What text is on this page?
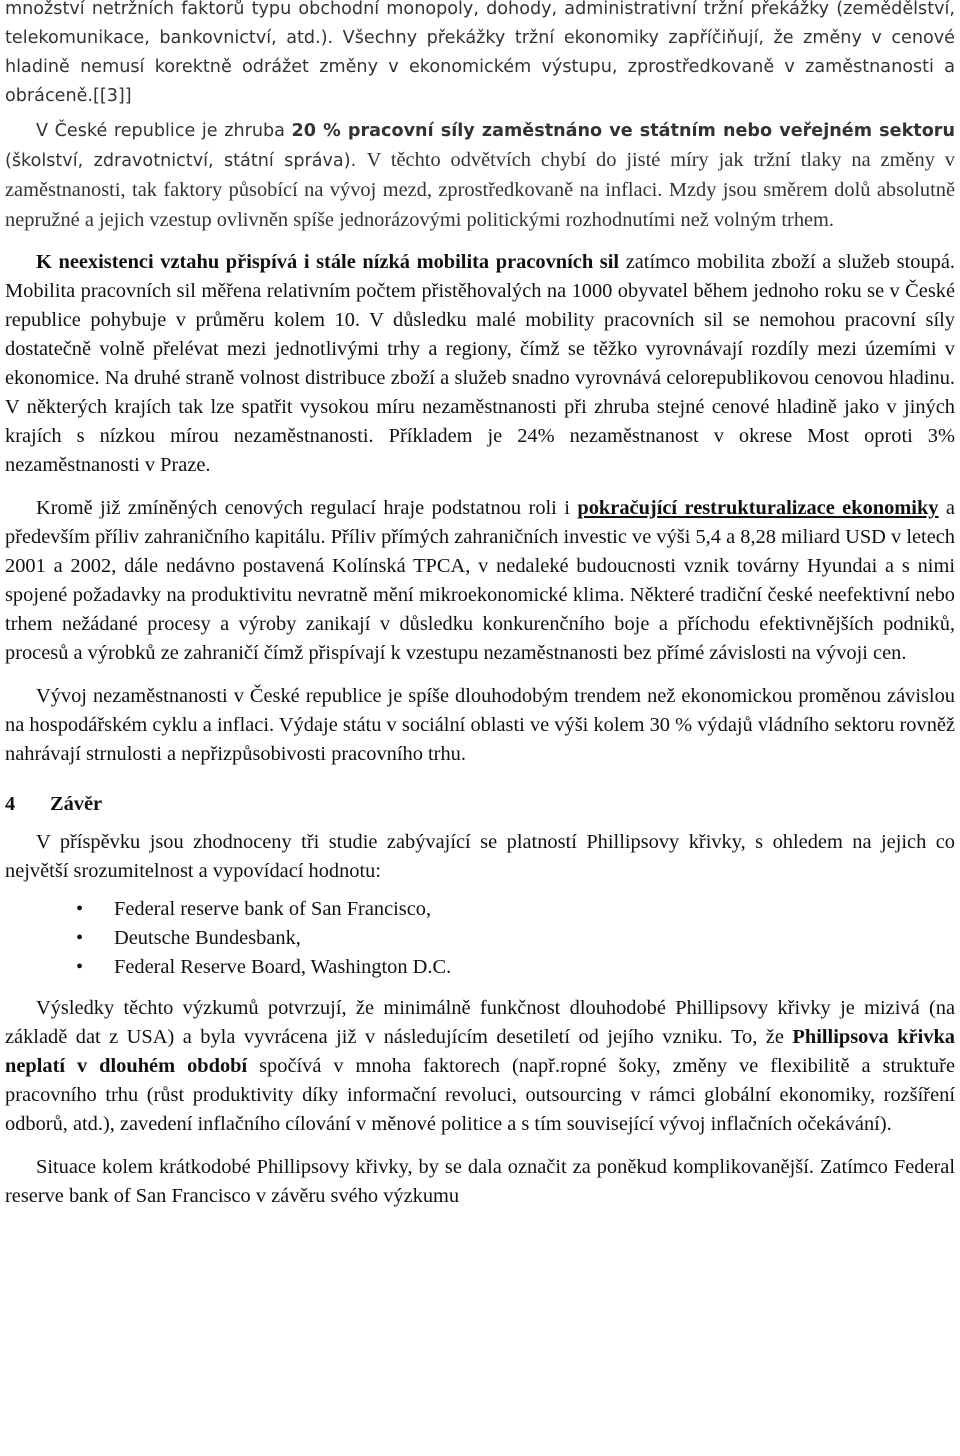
množství netržních faktorů typu obchodní monopoly, dohody, administrativní tržní překážky (zemědělství, telekomunikace, bankovnictví, atd.). Všechny překážky tržní ekonomiky zapříčiňují, že změny v cenové hladině nemusí korektně odrážet změny v ekonomickém výstupu, zprostředkovaně v zaměstnanosti a obráceně.[[3]]

V České republice je zhruba 20 % pracovní síly zaměstnáno ve státním nebo veřejném sektoru (školství, zdravotnictví, státní správa). V těchto odvětvích chybí do jisté míry jak tržní tlaky na změny v zaměstnanosti, tak faktory působící na vývoj mezd, zprostředkovaně na inflaci. Mzdy jsou směrem dolů absolutně nepružné a jejich vzestup ovlivněn spíše jednorázovými politickými rozhodnutími než volným trhem.

K neexistenci vztahu přispívá i stále nízká mobilita pracovních sil zatímco mobilita zboží a služeb stoupá. Mobilita pracovních sil měřena relativním počtem přistěhovalých na 1000 obyvatel během jednoho roku se v České republice pohybuje v průměru kolem 10. V důsledku malé mobility pracovních sil se nemohou pracovní síly dostatečně volně přelévat mezi jednotlivými trhy a regiony, čímž se těžko vyrovnávají rozdíly mezi územími v ekonomice. Na druhé straně volnost distribuce zboží a služeb snadno vyrovnává celorepublikovou cenovou hladinu. V některých krajích tak lze spatřit vysokou míru nezaměstnanosti při zhruba stejné cenové hladině jako v jiných krajích s nízkou mírou nezaměstnanosti. Příkladem je 24% nezaměstnanost v okrese Most oproti 3% nezaměstnanosti v Praze.

Kromě již zmíněných cenových regulací hraje podstatnou roli i pokračující restrukturalizace ekonomiky a především příliv zahraničního kapitálu. Příliv přímých zahraničních investic ve výši 5,4 a 8,28 miliard USD v letech 2001 a 2002, dále nedávno postavená Kolínská TPCA, v nedaleké budoucnosti vznik továrny Hyundai a s nimi spojené požadavky na produktivitu nevratně mění mikroekonomické klima. Některé tradiční české neefektivní nebo trhem nežádané procesy a výroby zanikají v důsledku konkurenčního boje a příchodu efektivnějších podniků, procesů a výrobků ze zahraničí čímž přispívají k vzestupu nezaměstnanosti bez přímé závislosti na vývoji cen.

Vývoj nezaměstnanosti v České republice je spíše dlouhodobým trendem než ekonomickou proměnou závislou na hospodářském cyklu a inflaci. Výdaje státu v sociální oblasti ve výši kolem 30 % výdajů vládního sektoru rovněž nahrávají strnulosti a nepřizpůsobivosti pracovního trhu.

4 Závěr

V příspěvku jsou zhodnoceny tři studie zabývající se platností Phillipsovy křivky, s ohledem na jejich co největší srozumitelnost a vypovídací hodnotu:

• Federal reserve bank of San Francisco,
• Deutsche Bundesbank,
• Federal Reserve Board, Washington D.C.

Výsledky těchto výzkumů potvrzují, že minimálně funkčnost dlouhodobé Phillipsovy křivky je mizivá (na základě dat z USA) a byla vyvrácena již v následujícím desetiletí od jejího vzniku. To, že Phillipsova křivka neplatí v dlouhém období spočívá v mnoha faktorech (např.ropné šoky, změny ve flexibilitě a struktuře pracovního trhu (růst produktivity díky informační revoluci, outsourcing v rámci globální ekonomiky, rozšíření odborů, atd.), zavedení inflačního cílování v měnové politice a s tím související vývoj inflačních očekávání).

Situace kolem krátkodobé Phillipsovy křivky, by se dala označit za poněkud komplikovanější. Zatímco Federal reserve bank of San Francisco v závěru svého výzkumu
